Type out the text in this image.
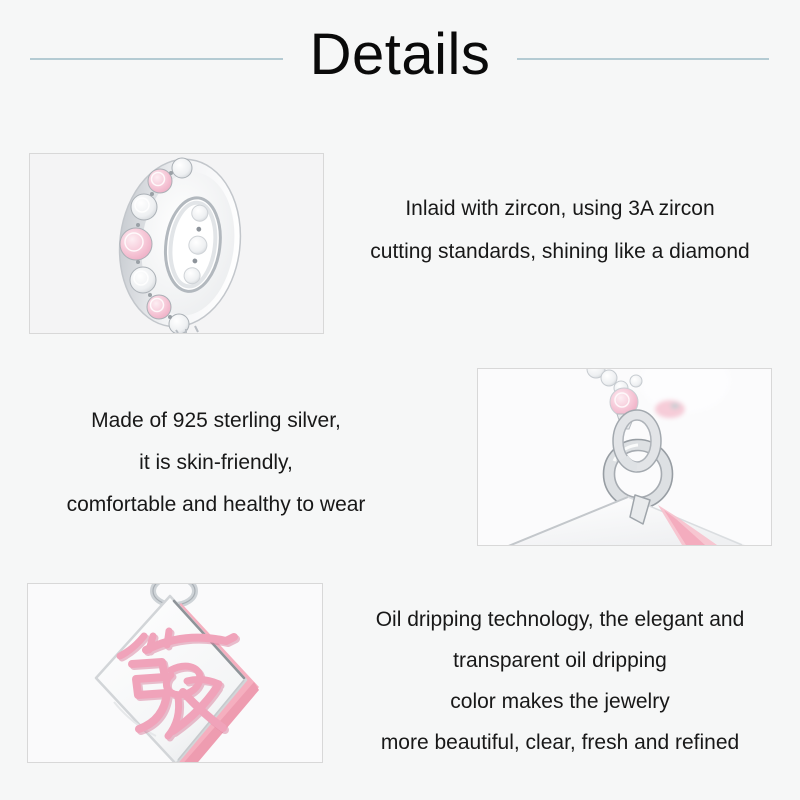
Details
Inlaid with zircon, using 3A zircon
cutting standards, shining like a diamond
Made of 925 sterling silver,
it is skin-friendly,
comfortable and healthy to wear
Oil dripping technology, the elegant and
transparent oil dripping
color makes the jewelry
more beautiful, clear, fresh and refined
